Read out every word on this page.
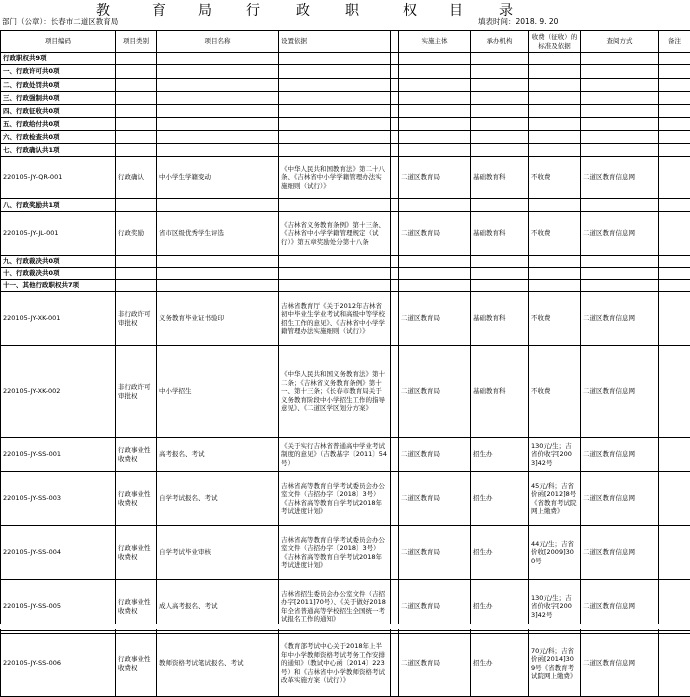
教	育 局 行 政 职	权 目 录
部门（公章）：长春市二道区教育局	填表时间：2018. 9. 20
项目编码	项目类别	项目名称	设置依据		实施主体	承办机构	收费（征收）的标准及依据	查阅方式	备注
行政职权共9项									
一、行政许可共0项									
二、行政处罚共0项									
三、行政强制共0项									
四、行政征收共0项									
五、行政给付共0项									
六、行政检查共0项									
七、行政确认共1项									
220105-JY-QR-001	行政确认	中小学生学籍变动	《中华人民共和国教育法》第二十八条、《吉林省中小学学籍管理办法实施细则（试行）》		二道区教育局	基础教育科	不收费	二道区教育信息网	
八、行政奖励共1项									
220105-JY-JL-001	行政奖励	省市区级优秀学生评选	《吉林省义务教育条例》第十三条、《吉林省中小学学籍管理规定（试行）》第五章奖励处分第十八条		二道区教育局	基础教育科	不收费	二道区教育信息网	
九、行政裁决共0项									
十、行政裁决共0项									
十一、其他行政职权共7项									
220105-JY-XK-001	非行政许可审批权	义务教育毕业证书验印	吉林省教育厅《关于2012年吉林省初中毕业生学业考试和高级中等学校招生工作的意见》、《吉林省中小学学籍管理办法实施细则（试行）》		二道区教育局	基础教育科	不收费	二道区教育信息网	
220105-JY-XK-002	非行政许可审批权	中小学招生	《中华人民共和国义务教育法》第十二条；《吉林省义务教育条例》第十一、第十三条；《长春市教育局关于义务教育阶段中小学招生工作的指导意见》、《二道区学区划分方案》		二道区教育局	基础教育科	不收费	二道区教育信息网	
220105-JY-SS-001	行政事业性收费权	高考报名、考试	《关于实行吉林省普通高中学业考试制度的意见》（吉教基字〔2011〕54号）		二道区教育局	招生办	130元/生；吉省价收字[2003]42号	二道区教育信息网	
220105-JY-SS-003	行政事业性收费权	自学考试报名、考试	吉林省高等教育自学考试委员会办公室文件（吉招办字〔2018〕3号）《吉林省高等教育自学考试2018年考试进度计划》		二道区教育局	招生办	45元/科；吉省价函[2012]8号《省教育考试院网上缴费》	二道区教育信息网	
220105-JY-SS-004	行政事业性收费权	自学考试毕业审核	吉林省高等教育自学考试委员会办公室文件（吉招办字〔2018〕3号）《吉林省高等教育自学考试2018年考试进度计划》		二道区教育局	招生办	44元/生；吉省价收[2009]300号	二道区教育信息网	
220105-JY-SS-005	行政事业性收费权	成人高考报名、考试	吉林省招生委员会办公室文件（吉招办字[2011]70号）、《关于做好2018年全省普通高等学校招生全国统一考试报名工作的通知》		二道区教育局	招生办	130元/生；吉省价收字[2003]42号	二道区教育信息网	
220105-JY-SS-006	行政事业性收费权	教师资格考试笔试报名、考试	《教育部考试中心关于2018年上半年中小学教师资格考试考务工作安排的通知》（教试中心函〔2014〕223号）和《吉林省中小学教师资格考试改革实施方案（试行）》		二道区教育局	招生办	70元/科；吉省价函[2014]309号《省教育考试院网上缴费》	二道区教育信息网	
